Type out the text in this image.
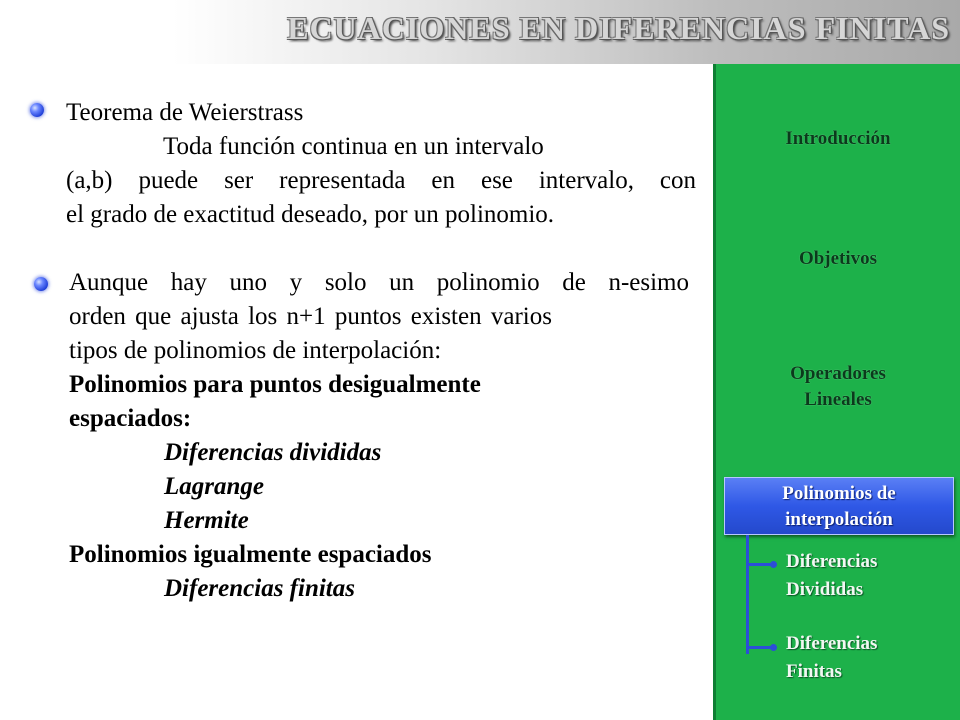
ECUACIONES EN DIFERENCIAS FINITAS
Teorema de Weierstrass
Toda función continua en un intervalo
(a,b) puede ser representada en ese intervalo, con
el grado de exactitud deseado, por un polinomio.
Aunque hay uno y solo un polinomio de n-esimo
orden que ajusta los n+1 puntos existen varios
tipos de polinomios de interpolación:
Polinomios para puntos desigualmente
espaciados:
Diferencias divididas
Lagrange
Hermite
Polinomios igualmente espaciados
Diferencias finitas
Introducción
Objetivos
Operadores
Lineales
Polinomios de
interpolación
Diferencias
Divididas
Diferencias
Finitas
